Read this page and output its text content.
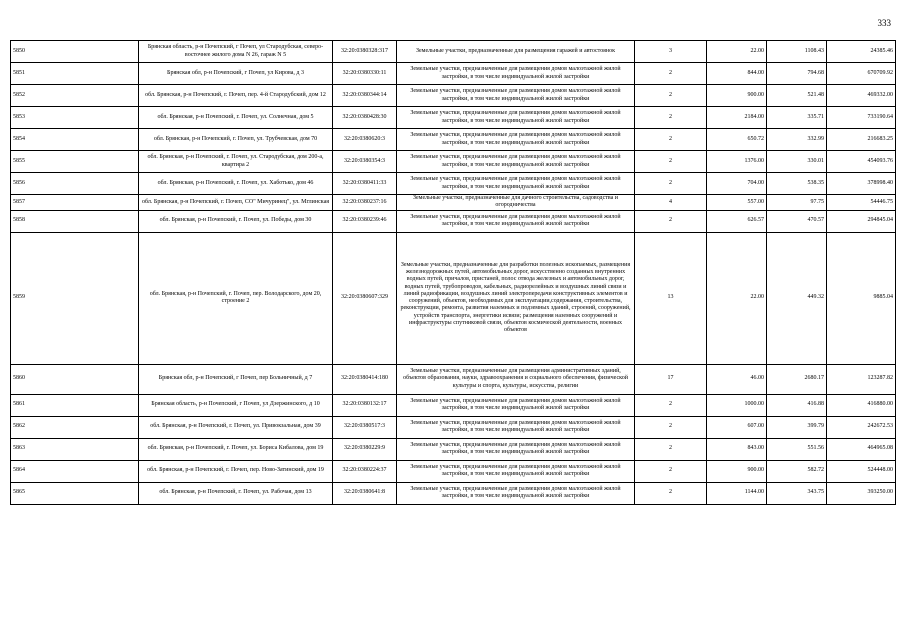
333
5850	Брянская область, р-н Почепский, г Почеп, ул Стародубская, северо-восточнее жилого дома N 26, гараж N 5	32:20:0380328:317	Земельные участки, предназначенные для размещения гаражей и автостоянок	3	22.00	1108.43	24385.46
5851	Брянская обл, р-н Почепский, г Почеп, ул Кирова, д 3	32:20:0380330:11	Земельные участки, предназначенные для размещения домов малоэтажной жилой застройки, в том числе индивидуальной жилой застройки	2	844.00	794.68	670709.92
5852	обл. Брянская, р-н Почепский, г. Почеп, пер. 4-й Стародубский, дом 12	32:20:0380344:14	Земельные участки, предназначенные для размещения домов малоэтажной жилой застройки, в том числе индивидуальной жилой застройки	2	900.00	521.48	469332.00
5853	обл. Брянская, р-н Почепский, г. Почеп, ул. Солнечная, дом 5	32:20:0380428:30	Земельные участки, предназначенные для размещения домов малоэтажной жилой застройки, в том числе индивидуальной жилой застройки	2	2184.00	335.71	733190.64
5854	обл. Брянская, р-н Почепский, г. Почеп, ул. Трубчевская, дом 70	32:20:0380620:3	Земельные участки, предназначенные для размещения домов малоэтажной жилой застройки, в том числе индивидуальной жилой застройки	2	650.72	332.99	216683.25
5855	обл. Брянская, р-н Почепский, г. Почеп, ул. Стародубская, дом 200-а, квартира 2	32:20:0380354:3	Земельные участки, предназначенные для размещения домов малоэтажной жилой застройки, в том числе индивидуальной жилой застройки	2	1376.00	330.01	454093.76
5856	обл. Брянская, р-н Почепский, г. Почеп, ул. Хаботько, дом 46	32:20:0380411:33	Земельные участки, предназначенные для размещения домов малоэтажной жилой застройки, в том числе индивидуальной жилой застройки	2	704.00	538.35	378998.40
5857	обл. Брянская, р-н Почепский, г. Почеп, СО" Мичуринец", ул. Мглинская	32:20:0380237:16	Земельные участки, предназначенные для дачного строительства, садоводства и огородничества	4	557.00	97.75	54446.75
5858	обл. Брянская, р-н Почепский, г. Почеп, ул. Победы, дом 30	32:20:0380239:46	Земельные участки, предназначенные для размещения домов малоэтажной жилой застройки, в том числе индивидуальной жилой застройки	2	626.57	470.57	294845.04
5859	обл. Брянская, р-н Почепский, г. Почеп, пер. Володарского, дом 20, строение 2	32:20:0380607:329	Земельные участки, предназначенные для разработки полезных ископаемых, размещения железнодорожных путей, автомобильных дорог, искусственно созданных внутренних водных путей, причалов, пристаней, полос отвода железных и автомобильных дорог, водных путей, трубопроводов, кабельных, радиорелейных и воздушных линий связи и линий радиофикации, воздушных линий электропередачи конструктивных элементов и сооружений, объектов, необходимых для эксплуатации,содержания, строительства, реконструкции, ремонта, развития наземных и подземных зданий, строений, сооружений, устройств транспорта, энергетики исвязи; размещения наземных сооружений и инфраструктуры спутниковой связи, объектов космической деятельности, военных объектов	13	22.00	449.32	9885.04
5860	Брянская обл, р-н Почепский, г Почеп, пер Больничный, д 7	32:20:0380414:180	Земельные участки, предназначенные для размещения административных зданий, объектов образования, науки, здравоохранения и социального обеспечения, физической культуры и спорта, культуры, искусства, религии	17	46.00	2680.17	123287.82
5861	Брянская область, р-н Почепский, г Почеп, ул Дзержинского, д 10	32:20:0380132:17	Земельные участки, предназначенные для размещения домов малоэтажной жилой застройки, в том числе индивидуальной жилой застройки	2	1000.00	416.88	416880.00
5862	обл. Брянская, р-н Почепский, г. Почеп, ул. Привокзальная, дом 39	32:20:0380517:3	Земельные участки, предназначенные для размещения домов малоэтажной жилой застройки, в том числе индивидуальной жилой застройки	2	607.00	399.79	242672.53
5863	обл. Брянская, р-н Почепский, г. Почеп, ул. Бориса Кибалова, дом 19	32:20:0380229:9	Земельные участки, предназначенные для размещения домов малоэтажной жилой застройки, в том числе индивидуальной жилой застройки	2	843.00	551.56	464965.08
5864	обл. Брянская, р-н Почепский, г. Почеп, пер. Ново-Затинский, дом 19	32:20:0380224:37	Земельные участки, предназначенные для размещения домов малоэтажной жилой застройки, в том числе индивидуальной жилой застройки	2	900.00	582.72	524448.00
5865	обл. Брянская, р-н Почепский, г. Почеп, ул. Рабочая, дом 13	32:20:0380641:8	Земельные участки, предназначенные для размещения домов малоэтажной жилой застройки, в том числе индивидуальной жилой застройки	2	1144.00	343.75	393250.00
